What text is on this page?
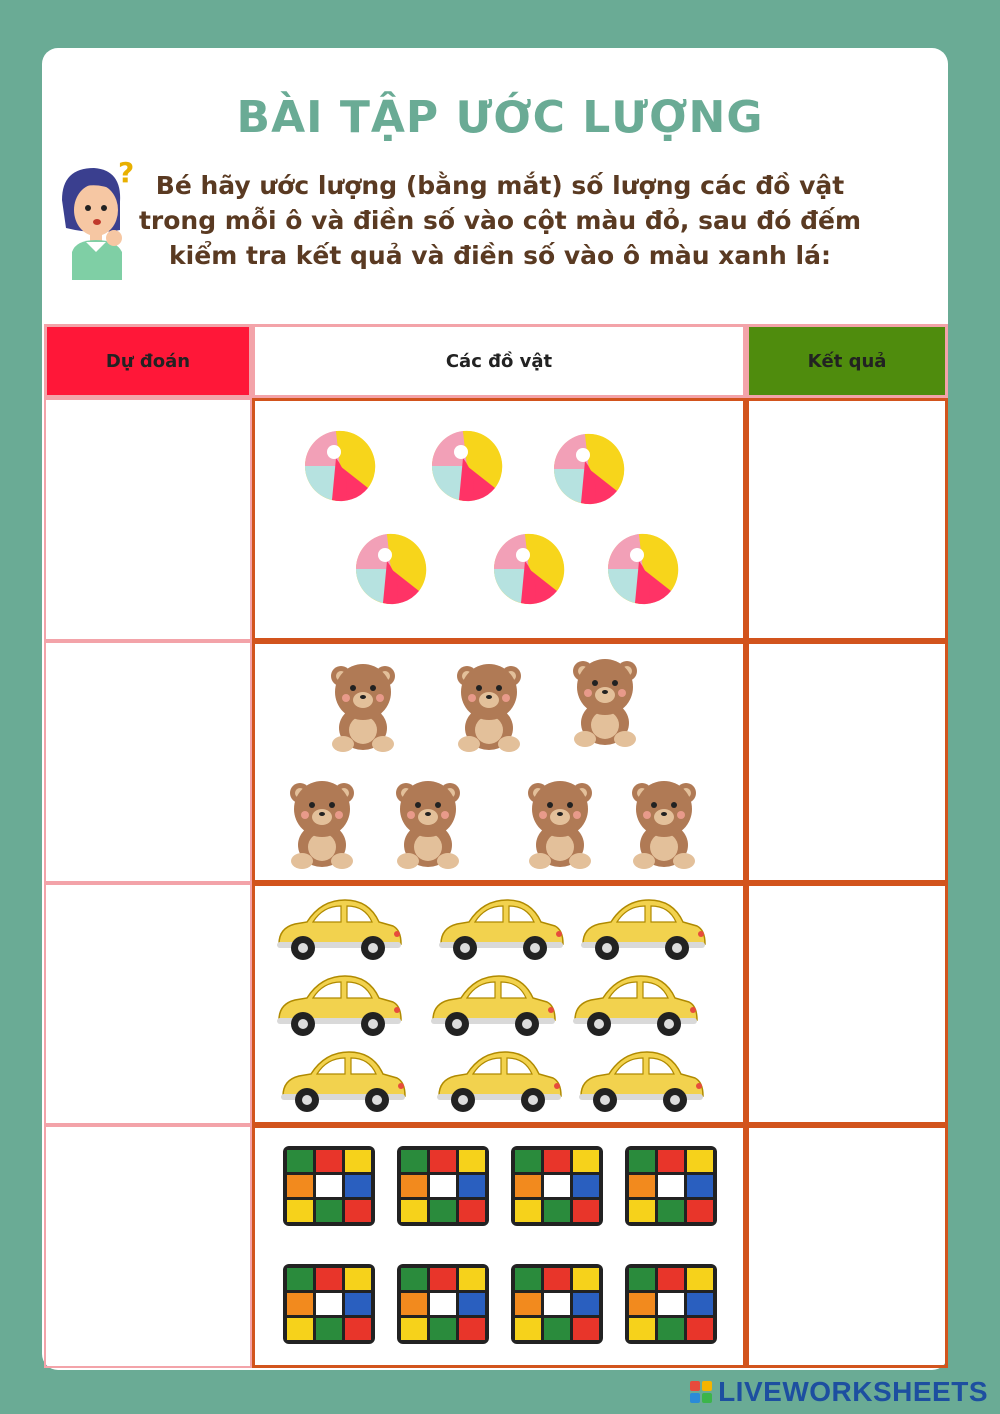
BÀI TẬP ƯỚC LƯỢNG
? Bé hãy ước lượng (bằng mắt) số lượng các đồ vật
trong mỗi ô và điền số vào cột màu đỏ, sau đó đếm
kiểm tra kết quả và điền số vào ô màu xanh lá:
Dự đoán	Các đồ vật	Kết quả
LIVEWORKSHEETS
